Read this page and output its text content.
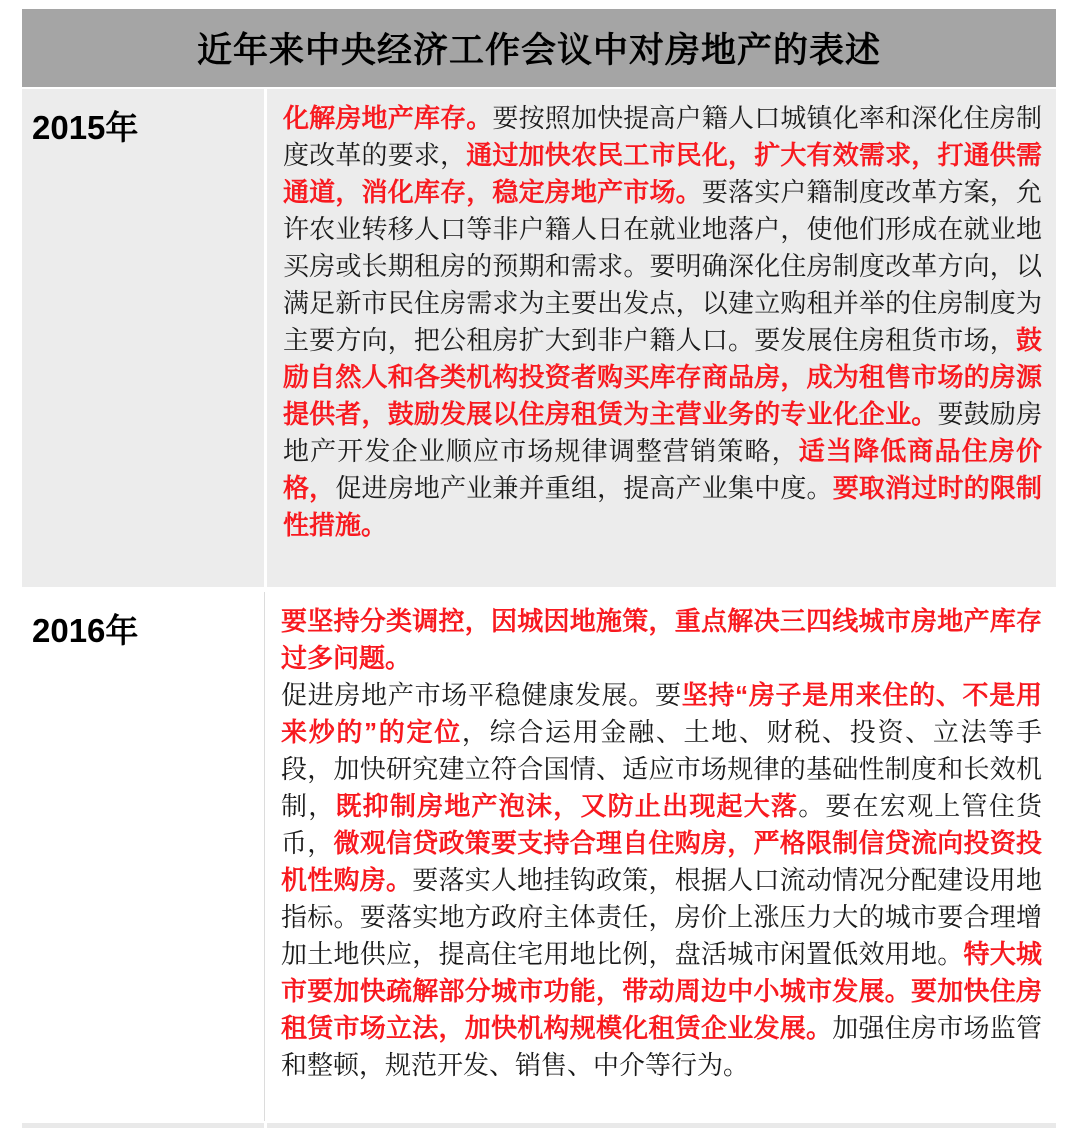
近年来中央经济工作会议中对房地产的表述
2015年	化解房地产库存。要按照加快提高户籍人口城镇化率和深化住房制度改革的要求，通过加快农民工市民化，扩大有效需求，打通供需通道，消化库存，稳定房地产市场。要落实户籍制度改革方案，允许农业转移人口等非户籍人日在就业地落户，使他们形成在就业地买房或长期租房的预期和需求。要明确深化住房制度改革方向，以满足新市民住房需求为主要出发点，以建立购租并举的住房制度为主要方向，把公租房扩大到非户籍人口。要发展住房租货市场，鼓励自然人和各类机构投资者购买库存商品房，成为租售市场的房源提供者，鼓励发展以住房租赁为主营业务的专业化企业。要鼓励房地产开发企业顺应市场规律调整营销策略，适当降低商品住房价格，促进房地产业兼并重组，提高产业集中度。要取消过时的限制性措施。

2016年	要坚持分类调控，因城因地施策，重点解决三四线城市房地产库存过多问题。

促进房地产市场平稳健康发展。要坚持“房子是用来住的、不是用来炒的”的定位，综合运用金融、土地、财税、投资、立法等手段，加快研究建立符合国情、适应市场规律的基础性制度和长效机制，既抑制房地产泡沫，又防止出现起大落。要在宏观上管住货币，微观信贷政策要支持合理自住购房，严格限制信贷流向投资投机性购房。要落实人地挂钩政策，根据人口流动情况分配建设用地指标。要落实地方政府主体责任，房价上涨压力大的城市要合理增加土地供应，提高住宅用地比例，盘活城市闲置低效用地。特大城市要加快疏解部分城市功能，带动周边中小城市发展。要加快住房租赁市场立法，加快机构规模化租赁企业发展。加强住房市场监管和整顿，规范开发、销售、中介等行为。
